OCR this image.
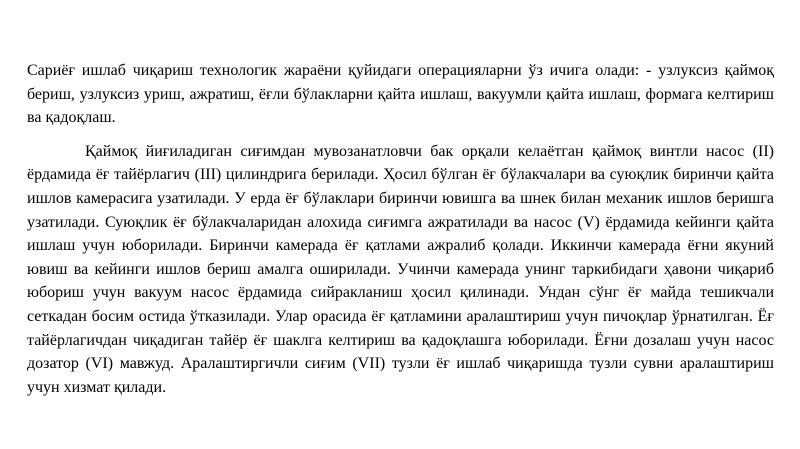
Сариёғ ишлаб чиқариш технологик жараёни қуйидаги операцияларни ўз ичига олади: - узлуксиз қаймоқ бериш, узлуксиз уриш, ажратиш, ёғли бўлакларни қайта ишлаш, вакуумли қайта ишлаш, формага келтириш ва қадоқлаш.

Қаймоқ йиғиладиган сиғимдан мувозанатловчи бак орқали келаётган қаймоқ винтли насос (II) ёрдамида ёғ тайёрлагич (III) цилиндрига берилади. Ҳосил бўлган ёғ бўлакчалари ва суюқлик биринчи қайта ишлов камерасига узатилади. У ерда ёғ бўлаклари биринчи ювишга ва шнек билан механик ишлов беришга узатилади. Суюқлик ёғ бўлакчаларидан алохида сиғимга ажратилади ва насос (V) ёрдамида кейинги қайта ишлаш учун юборилади. Биринчи камерада ёғ қатлами ажралиб қолади. Иккинчи камерада ёғни якуний ювиш ва кейинги ишлов бериш амалга оширилади. Учинчи камерада унинг таркибидаги ҳавони чиқариб юбориш учун вакуум насос ёрдамида сийракланиш ҳосил қилинади. Ундан сўнг ёғ майда тешикчали сеткадан босим остида ўтказилади. Улар орасида ёғ қатламини аралаштириш учун пичоқлар ўрнатилган. Ёғ тайёрлагичдан чиқадиган тайёр ёғ шаклга келтириш ва қадоқлашга юборилади. Ёғни дозалаш учун насос дозатор (VI) мавжуд. Аралаштиргичли сиғим (VII) тузли ёғ ишлаб чиқаришда тузли сувни аралаштириш учун хизмат қилади.
